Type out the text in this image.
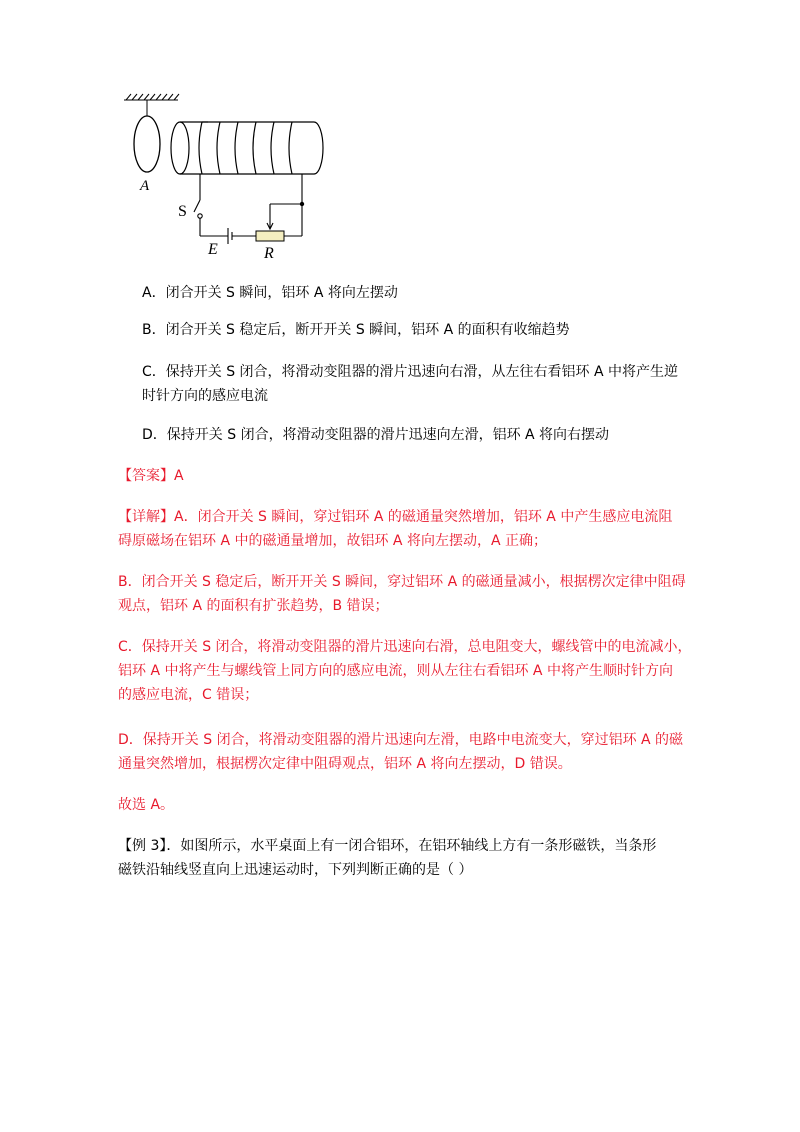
A
S
E	R
A．闭合开关 S 瞬间，铝环 A 将向左摆动
B．闭合开关 S 稳定后，断开开关 S 瞬间，铝环 A 的面积有收缩趋势
C．保持开关 S 闭合，将滑动变阻器的滑片迅速向右滑，从左往右看铝环 A 中将产生逆
时针方向的感应电流
D．保持开关 S 闭合，将滑动变阻器的滑片迅速向左滑，铝环 A 将向右摆动
【答案】A
【详解】A．闭合开关 S 瞬间，穿过铝环 A 的磁通量突然增加，铝环 A 中产生感应电流阻
碍原磁场在铝环 A 中的磁通量增加，故铝环 A 将向左摆动，A 正确；
B．闭合开关 S 稳定后，断开开关 S 瞬间，穿过铝环 A 的磁通量减小，根据楞次定律中阻碍
观点，铝环 A 的面积有扩张趋势，B 错误；
C．保持开关 S 闭合，将滑动变阻器的滑片迅速向右滑，总电阻变大，螺线管中的电流减小，
铝环 A 中将产生与螺线管上同方向的感应电流，则从左往右看铝环 A 中将产生顺时针方向
的感应电流，C 错误；
D．保持开关 S 闭合，将滑动变阻器的滑片迅速向左滑，电路中电流变大，穿过铝环 A 的磁
通量突然增加，根据楞次定律中阻碍观点，铝环 A 将向左摆动，D 错误。
故选 A。
【例 3】．如图所示，水平桌面上有一闭合铝环，在铝环轴线上方有一条形磁铁，当条形
磁铁沿轴线竖直向上迅速运动时，下列判断正确的是（ ）
